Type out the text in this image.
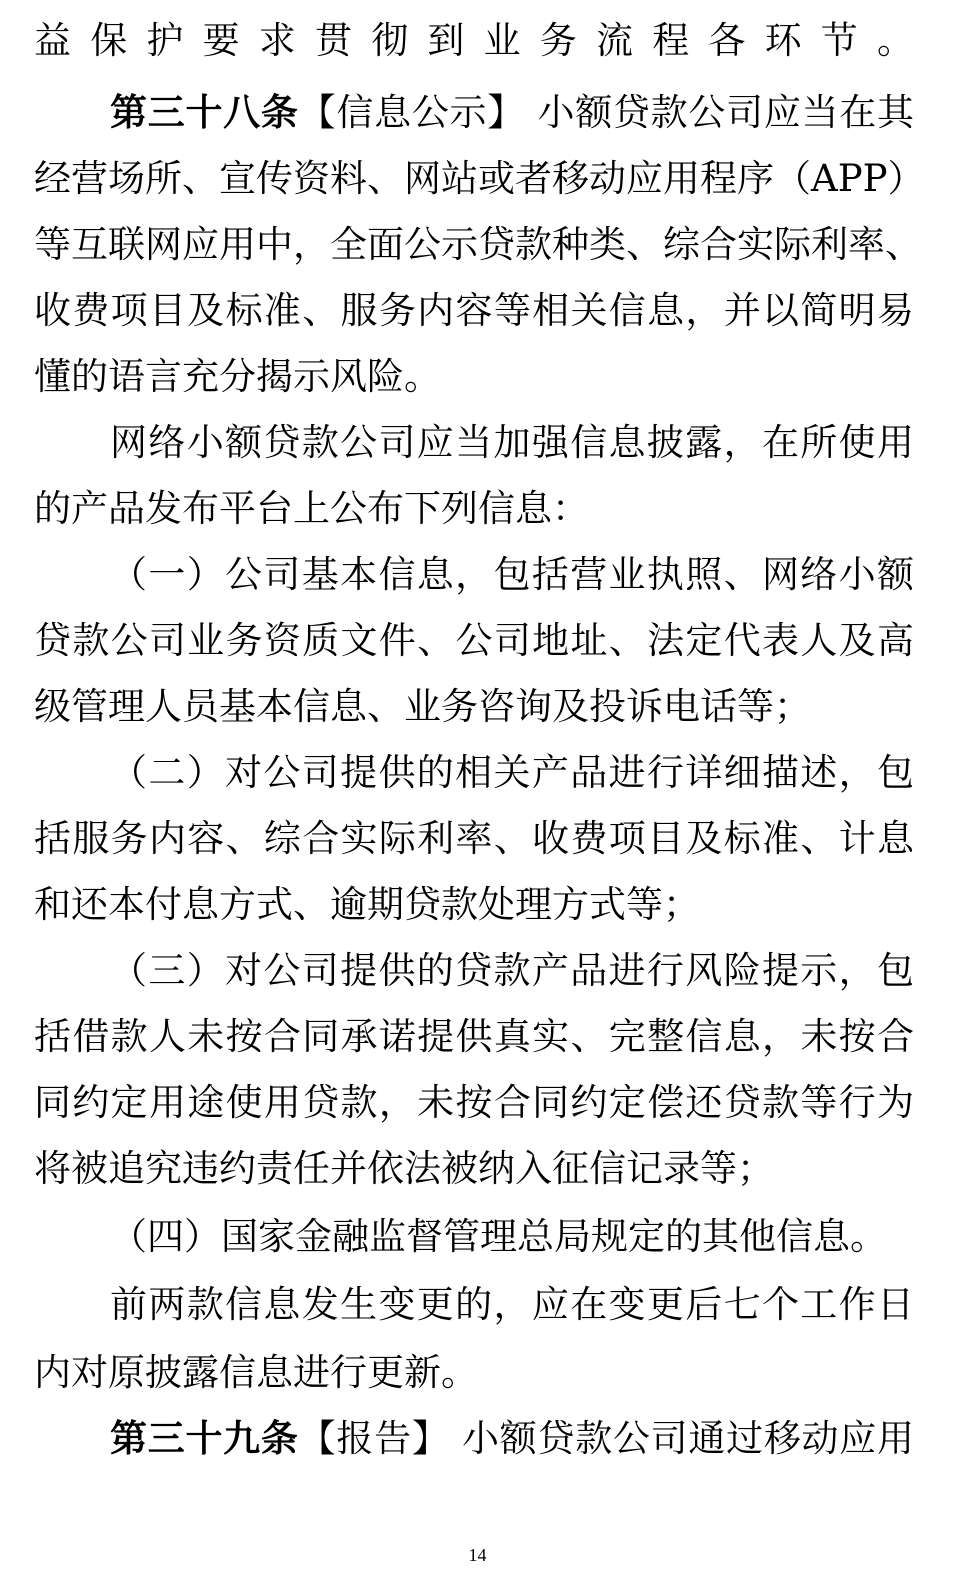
益保护要求贯彻到业务流程各环节。
第三十八条【信息公示】 小额贷款公司应当在其
经营场所、宣传资料、网站或者移动应用程序（APP）
等互联网应用中，全面公示贷款种类、综合实际利率、
收费项目及标准、服务内容等相关信息，并以简明易
懂的语言充分揭示风险。
网络小额贷款公司应当加强信息披露，在所使用
的产品发布平台上公布下列信息：
（一）公司基本信息，包括营业执照、网络小额
贷款公司业务资质文件、公司地址、法定代表人及高
级管理人员基本信息、业务咨询及投诉电话等；
（二）对公司提供的相关产品进行详细描述，包
括服务内容、综合实际利率、收费项目及标准、计息
和还本付息方式、逾期贷款处理方式等；
（三）对公司提供的贷款产品进行风险提示，包
括借款人未按合同承诺提供真实、完整信息，未按合
同约定用途使用贷款，未按合同约定偿还贷款等行为
将被追究违约责任并依法被纳入征信记录等；
（四）国家金融监督管理总局规定的其他信息。
前两款信息发生变更的，应在变更后七个工作日
内对原披露信息进行更新。
第三十九条【报告】 小额贷款公司通过移动应用
14
